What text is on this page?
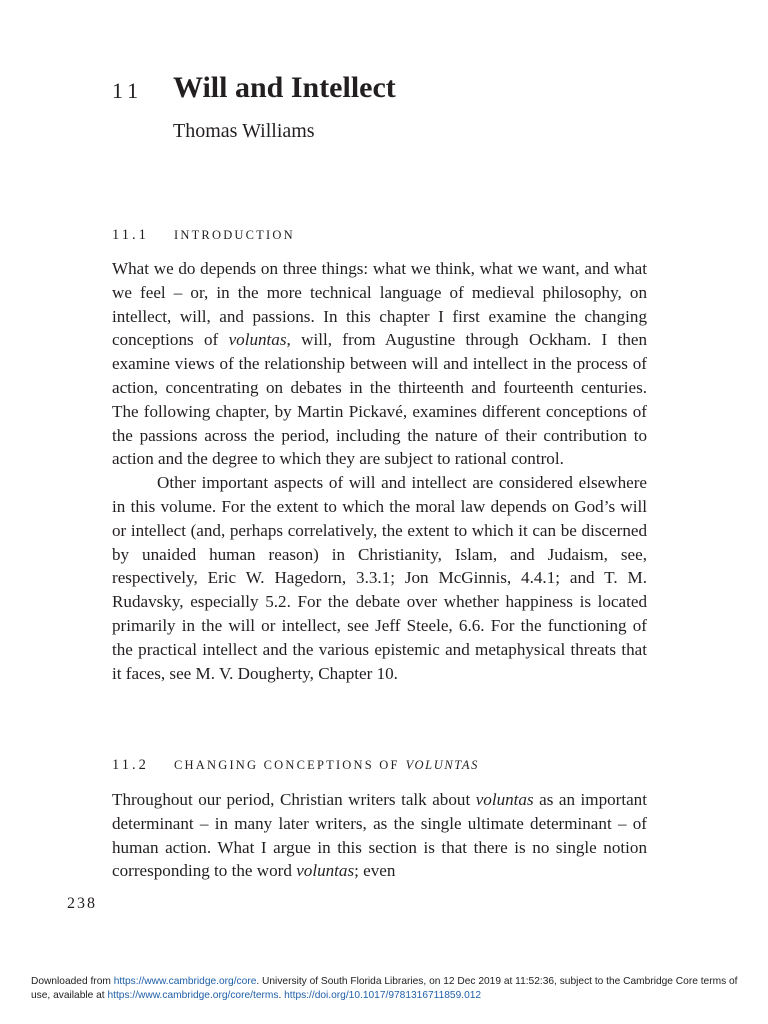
11 Will and Intellect
Thomas Williams
11.1 INTRODUCTION

What we do depends on three things: what we think, what we want, and what we feel – or, in the more technical language of medieval philosophy, on intellect, will, and passions. In this chapter I first examine the changing conceptions of voluntas, will, from Augustine through Ockham. I then examine views of the relationship between will and intellect in the process of action, concentrating on debates in the thirteenth and fourteenth centuries. The following chapter, by Martin Pickavé, examines different conceptions of the passions across the period, including the nature of their contribution to action and the degree to which they are subject to rational control.

Other important aspects of will and intellect are considered elsewhere in this volume. For the extent to which the moral law depends on God’s will or intellect (and, perhaps correlatively, the extent to which it can be discerned by unaided human reason) in Christianity, Islam, and Judaism, see, respectively, Eric W. Hagedorn, 3.3.1; Jon McGinnis, 4.4.1; and T. M. Rudavsky, especially 5.2. For the debate over whether happiness is located primarily in the will or intellect, see Jeff Steele, 6.6. For the functioning of the practical intellect and the various epistemic and metaphysical threats that it faces, see M. V. Dougherty, Chapter 10.

11.2 CHANGING CONCEPTIONS OF VOLUNTAS

Throughout our period, Christian writers talk about voluntas as an important determinant – in many later writers, as the single ultimate determinant – of human action. What I argue in this section is that there is no single notion corresponding to the word voluntas; even

238
Downloaded from https://www.cambridge.org/core. University of South Florida Libraries, on 12 Dec 2019 at 11:52:36, subject to the Cambridge Core terms of use, available at https://www.cambridge.org/core/terms. https://doi.org/10.1017/9781316711859.012
